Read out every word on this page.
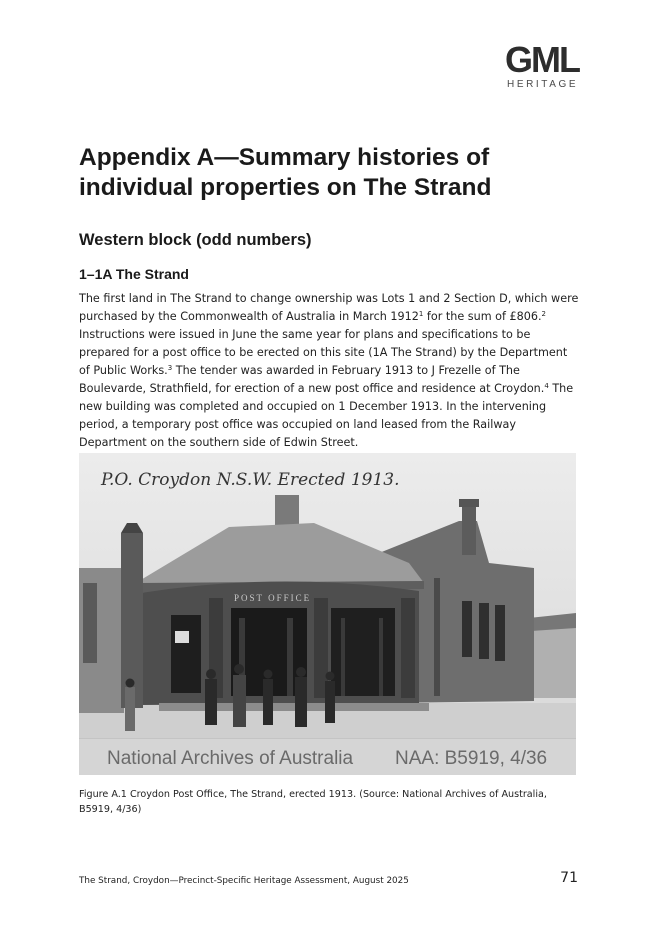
GML
HERITAGE
Appendix A—Summary histories of individual properties on The Strand
Western block (odd numbers)
1–1A The Strand

The first land in The Strand to change ownership was Lots 1 and 2 Section D, which were purchased by the Commonwealth of Australia in March 1912$^1$ for the sum of £806.$^2$ Instructions were issued in June the same year for plans and specifications to be prepared for a post office to be erected on this site (1A The Strand) by the Department of Public Works.$^3$ The tender was awarded in February 1913 to J Frezelle of The Boulevarde, Strathfield, for erection of a new post office and residence at Croydon.$^4$ The new building was completed and occupied on 1 December 1913. In the intervening period, a temporary post office was occupied on land leased from the Railway Department on the southern side of Edwin Street.

POST OFFICE
P.O. Croydon N.S.W. Erected 1913.
National Archives of Australia NAA: B5919, 4/36

Figure A.1 Croydon Post Office, The Strand, erected 1913. (Source: National Archives of Australia, B5919, 4/36)

The Strand, Croydon—Precinct-Specific Heritage Assessment, August 2025	71
